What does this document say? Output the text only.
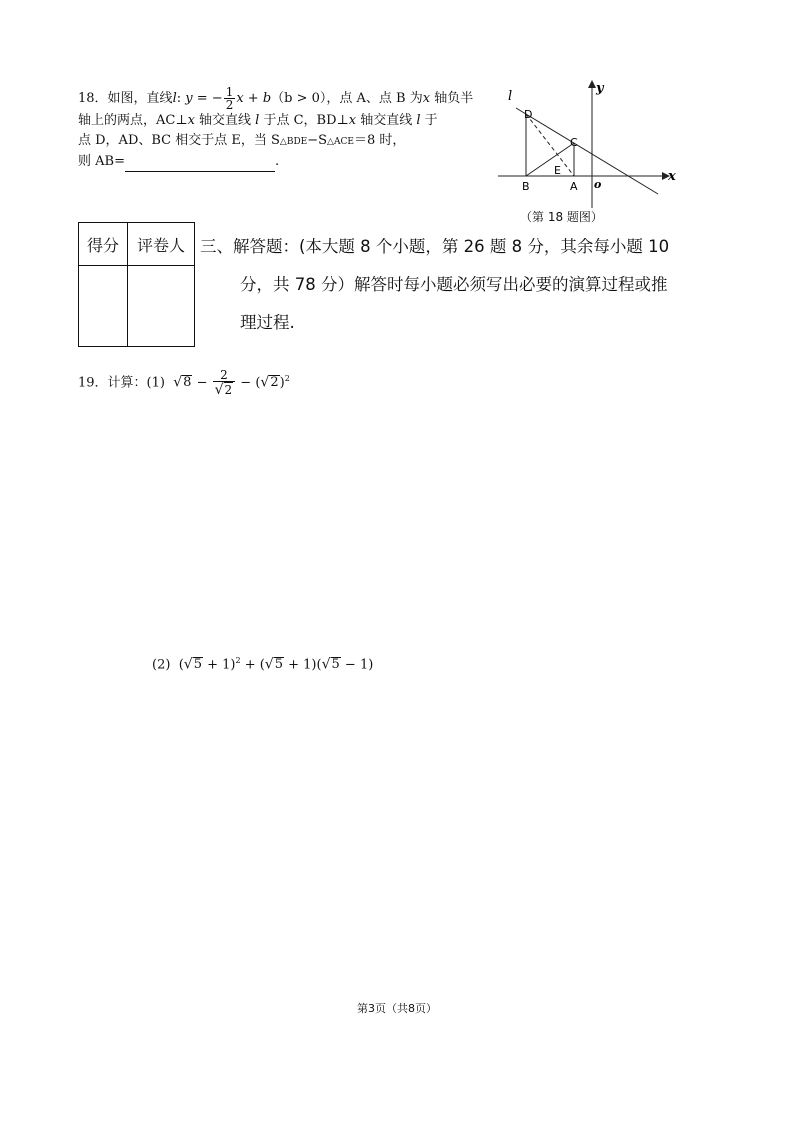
18．如图，直线l: y = − $\frac{1}{2}$ x + b（b > 0），点 A、点 B 为x 轴负半
轴上的两点，AC⊥x 轴交直线 l 于点 C，BD⊥x 轴交直线 l 于
点 D，AD、BC 相交于点 E，当 S△BDE−S△ACE＝8 时，
则 AB=	.
l
y
x
o
D
C
E
B	A
（第 18 题图）
得分	评卷人
	三、解答题：(本大题 8 个小题，第 26 题 8 分，其余每小题 10
分，共 78 分）解答时每小题必须写出必要的演算过程或推
理过程.
19．计算：(1) $√8 - \frac{2}{√2} - (√2)^2$
(2) $(√5 + 1)^2 + (√5 + 1)(√5 - 1)$
第3页（共8页）
